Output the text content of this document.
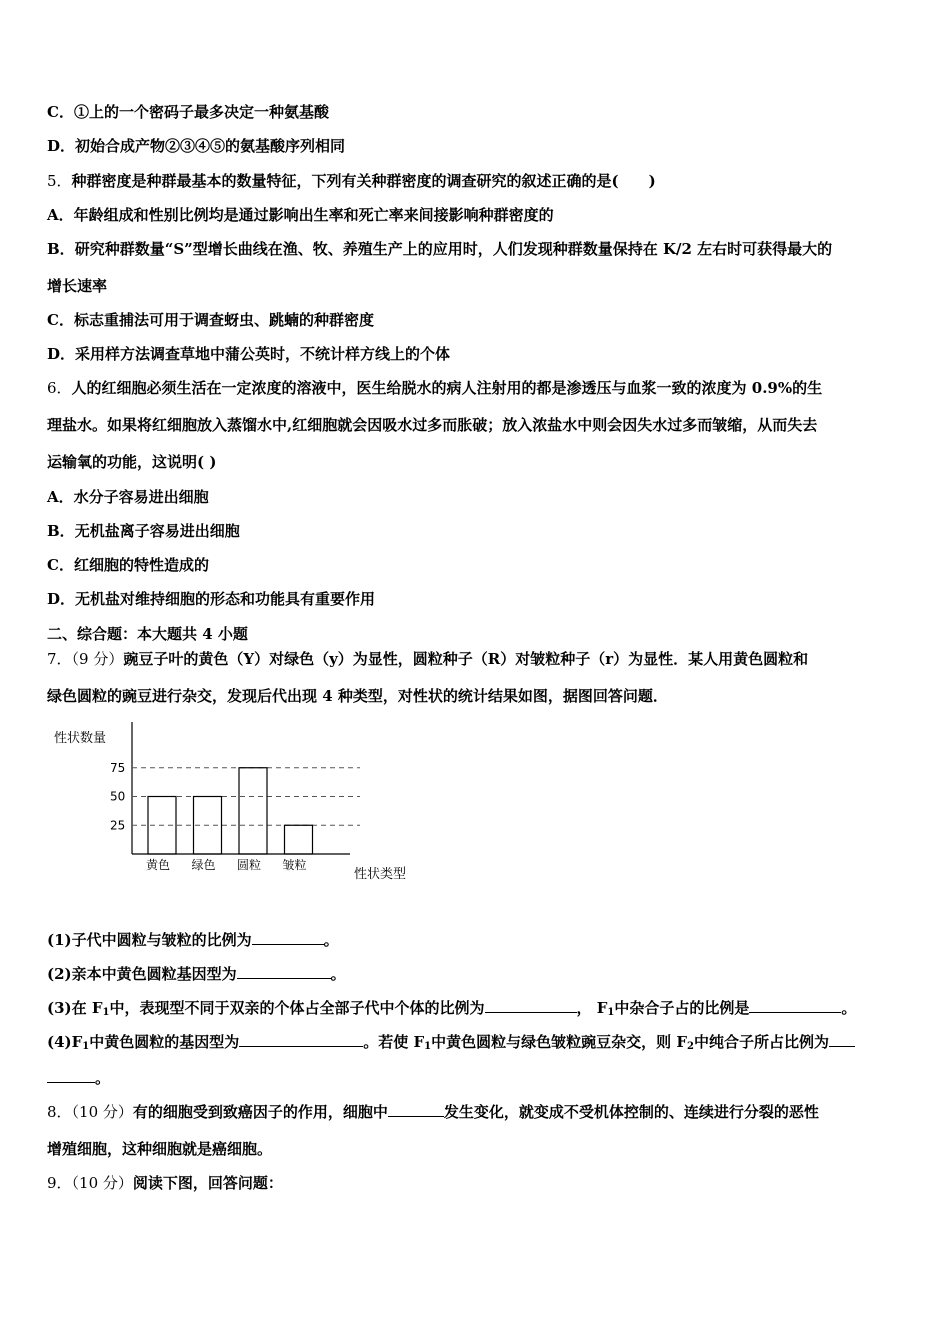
C．①上的一个密码子最多决定一种氨基酸
D．初始合成产物②③④⑤的氨基酸序列相同
5．种群密度是种群最基本的数量特征，下列有关种群密度的调查研究的叙述正确的是(　　)
A．年龄组成和性别比例均是通过影响出生率和死亡率来间接影响种群密度的
B．研究种群数量“S”型增长曲线在渔、牧、养殖生产上的应用时，人们发现种群数量保持在 K/2 左右时可获得最大的
增长速率
C．标志重捕法可用于调查蚜虫、跳蝻的种群密度
D．采用样方法调查草地中蒲公英时，不统计样方线上的个体
6．人的红细胞必须生活在一定浓度的溶液中，医生给脱水的病人注射用的都是渗透压与血浆一致的浓度为 0.9%的生
理盐水。如果将红细胞放入蒸馏水中,红细胞就会因吸水过多而胀破；放入浓盐水中则会因失水过多而皱缩，从而失去
运输氧的功能，这说明( )
A．水分子容易进出细胞
B．无机盐离子容易进出细胞
C．红细胞的特性造成的
D．无机盐对维持细胞的形态和功能具有重要作用
二、综合题：本大题共 4 小题
7．（9 分）豌豆子叶的黄色（Y）对绿色（y）为显性，圆粒种子（R）对皱粒种子（r）为显性．某人用黄色圆粒和
绿色圆粒的豌豆进行杂交，发现后代出现 4 种类型，对性状的统计结果如图，据图回答问题．
性状数量
性状类型
25
50
75
黄色 绿色 圆粒 皱粒
(1)子代中圆粒与皱粒的比例为	。
(2)亲本中黄色圆粒基因型为	。
(3)在 $F_1$中，表现型不同于双亲的个体占全部子代中个体的比例为	， $F_1$中杂合子占的比例是	。
$(4)F_1$中黄色圆粒的基因型为	。若使 $F_1$中黄色圆粒与绿色皱粒豌豆杂交，则 $F_2$中纯合子所占比例为
。
8．（10 分）有的细胞受到致癌因子的作用，细胞中	发生变化，就变成不受机体控制的、连续进行分裂的恶性
增殖细胞，这种细胞就是癌细胞。
9．（10 分）阅读下图，回答问题：
